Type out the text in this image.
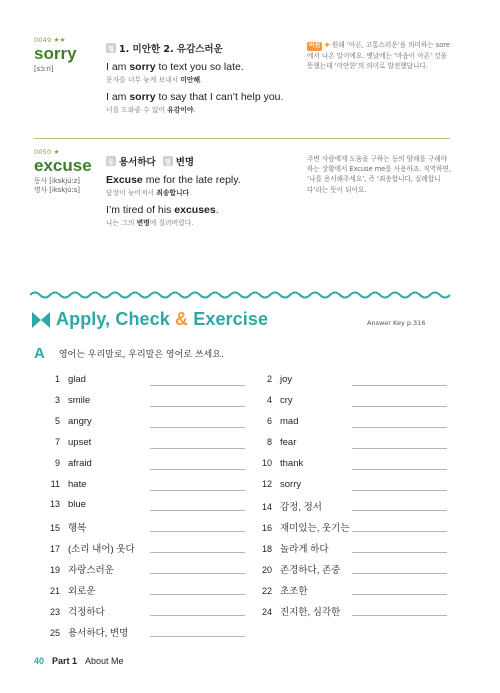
0049 ★★
sorry
[sɔ́ːri]
형 1. 미안한 2. 유감스러운
I am sorry to text you so late.
문자를 너무 늦게 보내서 미안해.
I am sorry to say that I can’t help you.
너를 도와줄 수 없어 유감이야.
어원 ✚ 원래 ‘아픈, 고통스러운’을 의미하는 sore에서 나온 말이에요. 옛날에는 ‘마음이 아픈’ 것을 뜻했는데 ‘미안한’의 의미로 발전했답니다.
0050 ★
excuse
동사 [ikskjúːz]
명사 [ikskjúːs]
동 용서하다 명 변명
Excuse me for the late reply.
답장이 늦어져서 죄송합니다.
I’m tired of his excuses.
나는 그의 변명에 질려버렸다.
주변 사람에게 도움을 구하는 등의 양해를 구해야 하는 상황에서 Excuse me를 사용하죠. 직역하면, ‘나를 용서해주세요’, 즉 ‘죄송합니다, 실례합니다’라는 뜻이 되어요.
Apply, Check & Exercise	Answer Key p.316
A 영어는 우리말로, 우리말은 영어로 쓰세요.
1 glad
3 smile
5 angry
7 upset
9 afraid
11 hate
13 blue
15 행복
17 (소리 내어) 웃다
19 자랑스러운
21 외로운
23 걱정하다
25 용서하다, 변명
2 joy
4 cry
6 mad
8 fear
10 thank
12 sorry
14 감정, 정서
16 재미있는, 웃기는
18 놀라게 하다
20 존경하다, 존중
22 초조한
24 진지한, 심각한
40 Part 1 About Me
